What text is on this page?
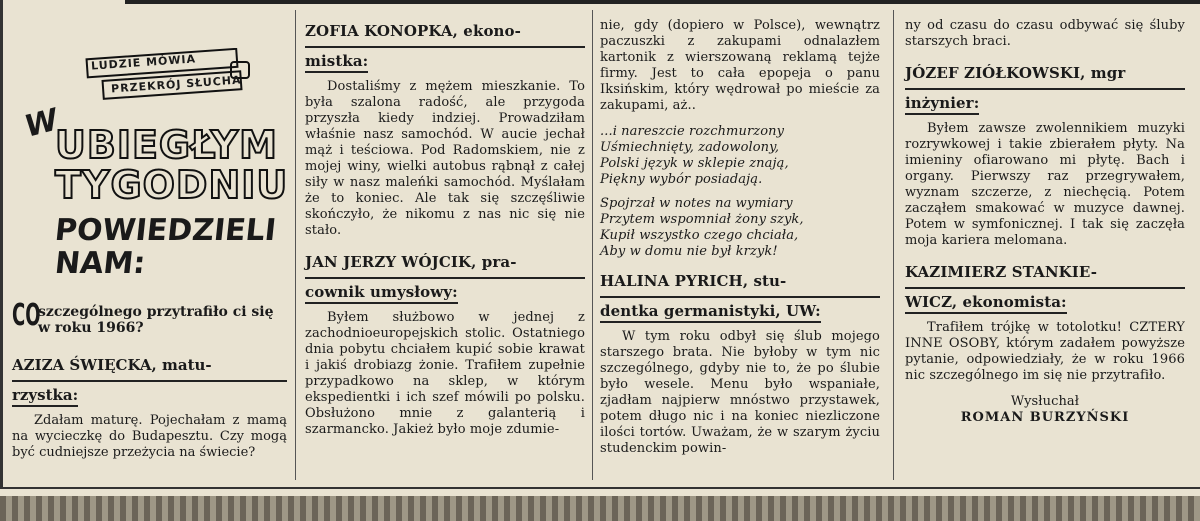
LUDZIE MÓWIA
PRZEKRÓJ SŁUCHA
W
UBIEGŁYM
TYGODNIU
POWIEDZIELI
NAM:
CO
szczególnego przytrafiło ci się w roku 1966?
AZIZA ŚWIĘCKA, matu-
rzystka:
Zdałam maturę. Pojechałam z mamą na wycieczkę do Budapesztu. Czy mogą być cudniejsze przeżycia na świecie?
ZOFIA KONOPKA, ekono-
mistka:
Dostaliśmy z mężem mieszkanie. To była szalona radość, ale przygoda przyszła kiedy indziej. Prowadziłam właśnie nasz samochód. W aucie jechał mąż i teściowa. Pod Radomskiem, nie z mojej winy, wielki autobus rąbnął z całej siły w nasz maleńki samochód. Myślałam że to koniec. Ale tak się szczęśliwie skończyło, że nikomu z nas nic się nie stało.
JAN JERZY WÓJCIK, pra-
cownik umysłowy:
Byłem służbowo w jednej z zachodnioeuropejskich stolic. Ostatniego dnia pobytu chciałem kupić sobie krawat i jakiś drobiazg żonie. Trafiłem zupełnie przypadkowo na sklep, w którym ekspedientki i ich szef mówili po polsku. Obsłużono mnie z galanterią i szarmancko. Jakież było moje zdumie-
nie, gdy (dopiero w Polsce), wewnątrz paczuszki z zakupami odnalazłem kartonik z wierszowaną reklamą tejże firmy. Jest to cała epopeja o panu Iksińskim, który wędrował po mieście za zakupami, aż..
...i nareszcie rozchmurzony
Uśmiechnięty, zadowolony,
Polski język w sklepie znają,
Piękny wybór posiadają.
Spojrzał w notes na wymiary
Przytem wspomniał żony szyk,
Kupił wszystko czego chciała,
Aby w domu nie był krzyk!
HALINA PYRICH, stu-
dentka germanistyki, UW:
W tym roku odbył się ślub mojego starszego brata. Nie byłoby w tym nic szczególnego, gdyby nie to, że po ślubie było wesele. Menu było wspaniałe, zjadłam najpierw mnóstwo przystawek, potem długo nic i na koniec niezliczone ilości tortów. Uważam, że w szarym życiu studenckim powin-
ny od czasu do czasu odbywać się śluby starszych braci.
JÓZEF ZIÓŁKOWSKI, mgr
inżynier:
Byłem zawsze zwolennikiem muzyki rozrywkowej i takie zbierałem płyty. Na imieniny ofiarowano mi płytę. Bach i organy. Pierwszy raz przegrywałem, wyznam szczerze, z niechęcią. Potem zacząłem smakować w muzyce dawnej. Potem w symfonicznej. I tak się zaczęła moja kariera melomana.
KAZIMIERZ STANKIE-
WICZ, ekonomista:
Trafiłem trójkę w totolotku! CZTERY INNE OSOBY, którym zadałem powyższe pytanie, odpowiedziały, że w roku 1966 nic szczególnego im się nie przytrafiło.
Wysłuchał
ROMAN BURZYŃSKI
